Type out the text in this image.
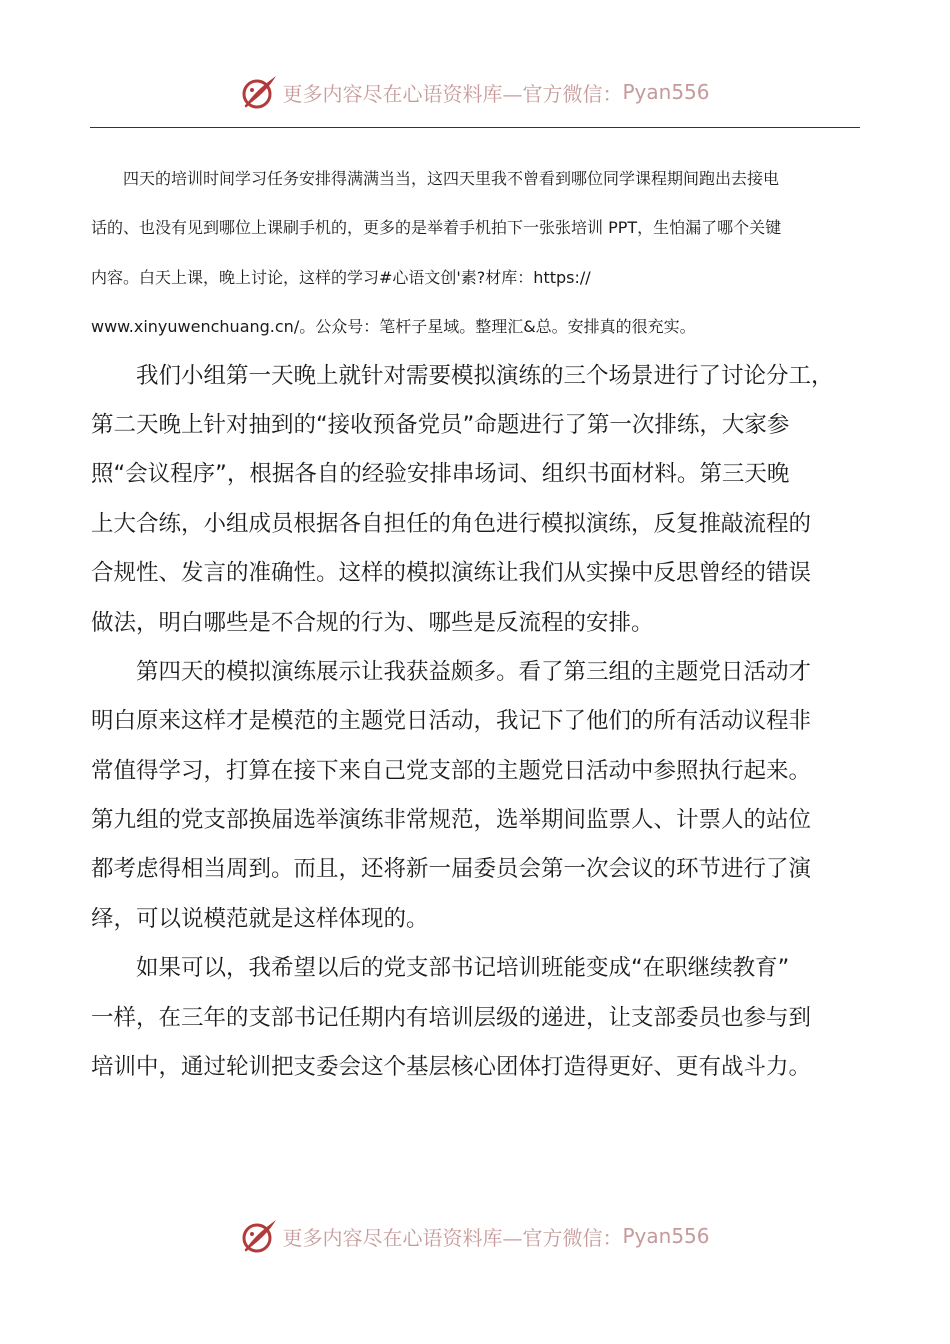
更多内容尽在心语资料库—官方微信： Pyan556
　　四天的培训时间学习任务安排得满满当当，这四天里我不曾看到哪位同学课程期间跑出去接电
话的、也没有见到哪位上课刷手机的，更多的是举着手机拍下一张张培训 PPT，生怕漏了哪个关键
内容。白天上课，晚上讨论，这样的学习#心语文创'素?材库：https://
www.xinyuwenchuang.cn/。公众号：笔杆子星域。整理汇&总。安排真的很充实。
　　我们小组第一天晚上就针对需要模拟演练的三个场景进行了讨论分工，
第二天晚上针对抽到的“接收预备党员”命题进行了第一次排练，大家参
照“会议程序”，根据各自的经验安排串场词、组织书面材料。第三天晚
上大合练，小组成员根据各自担任的角色进行模拟演练，反复推敲流程的
合规性、发言的准确性。这样的模拟演练让我们从实操中反思曾经的错误
做法，明白哪些是不合规的行为、哪些是反流程的安排。
　　第四天的模拟演练展示让我获益颇多。看了第三组的主题党日活动才
明白原来这样才是模范的主题党日活动，我记下了他们的所有活动议程非
常值得学习，打算在接下来自己党支部的主题党日活动中参照执行起来。
第九组的党支部换届选举演练非常规范，选举期间监票人、计票人的站位
都考虑得相当周到。而且，还将新一届委员会第一次会议的环节进行了演
绎，可以说模范就是这样体现的。
　　如果可以，我希望以后的党支部书记培训班能变成“在职继续教育”
一样，在三年的支部书记任期内有培训层级的递进，让支部委员也参与到
培训中，通过轮训把支委会这个基层核心团体打造得更好、更有战斗力。
更多内容尽在心语资料库—官方微信： Pyan556
